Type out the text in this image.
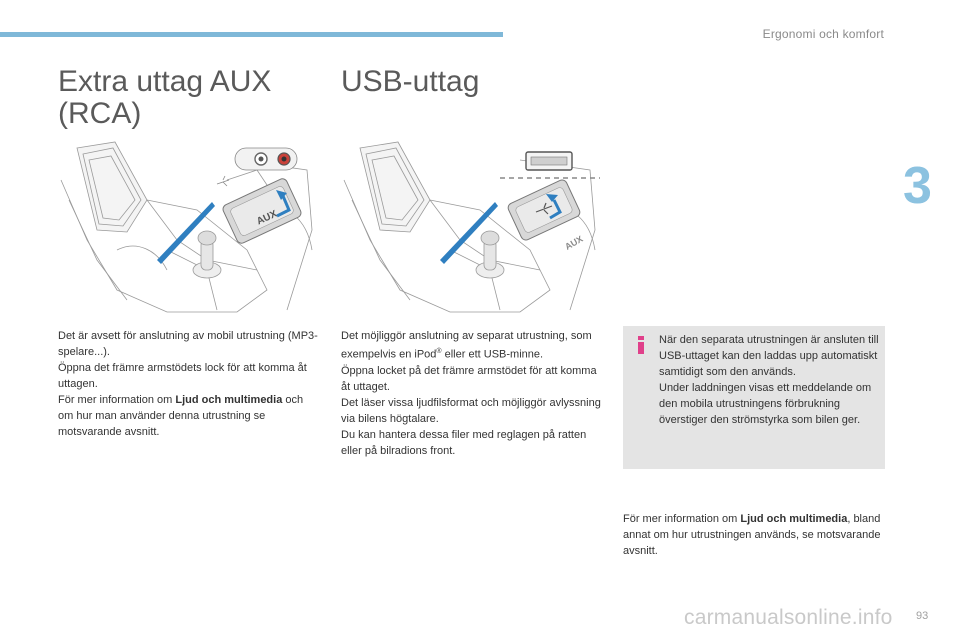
Ergonomi och komfort
3
Extra uttag AUX
(RCA)
AUX

Det är avsett för anslutning av mobil utrustning (MP3-spelare...).

Öppna det främre armstödets lock för att komma åt uttagen.

För mer information om Ljud och multimedia och om hur man använder denna utrustning se motsvarande avsnitt.

USB-uttag
AUX

Det möjliggör anslutning av separat utrustning, som exempelvis en iPod® eller ett USB-minne.

Öppna locket på det främre armstödet för att komma åt uttaget.

Det läser vissa ljudfilsformat och möjliggör avlyssning via bilens högtalare.

Du kan hantera dessa filer med reglagen på ratten eller på bilradions front.

När den separata utrustningen är ansluten till USB-uttaget kan den laddas upp automatiskt samtidigt som den används.

Under laddningen visas ett meddelande om den mobila utrustningens förbrukning överstiger den strömstyrka som bilen ger.

För mer information om Ljud och multimedia, bland annat om hur utrustningen används, se motsvarande avsnitt.

carmanualsonline.info 93
